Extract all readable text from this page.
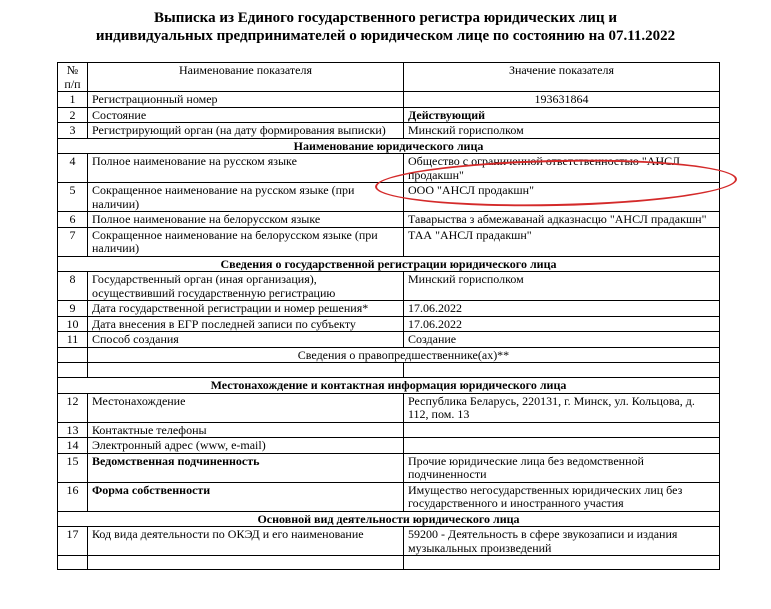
Выписка из Единого государственного регистра юридических лиц и
индивидуальных предпринимателей о юридическом лице по состоянию на 07.11.2022
№ п/п	Наименование показателя	Значение показателя
1	Регистрационный номер	193631864
2	Состояние	Действующий
3	Регистрирующий орган (на дату формирования выписки)	Минский горисполком
Наименование юридического лица		
4	Полное наименование на русском языке	Общество с ограниченной ответственностью "АНСЛ продакшн"
5	Сокращенное наименование на русском языке (при наличии)	ООО "АНСЛ продакшн"
6	Полное наименование на белорусском языке	Таварыства з абмежаванай адказнасцю "АНСЛ прадакшн"
7	Сокращенное наименование на белорусском языке (при наличии)	ТАА "АНСЛ прадакшн"
Сведения о государственной регистрации юридического лица		
8	Государственный орган (иная организация), осуществивший государственную регистрацию	Минский горисполком
9	Дата государственной регистрации и номер решения*	17.06.2022
10	Дата внесения в ЕГР последней записи по субъекту	17.06.2022
11	Способ создания	Создание
	Сведения о правопредшественнике(ах)**	

Местонахождение и контактная информация юридического лица		
12	Местонахождение	Республика Беларусь, 220131, г. Минск, ул. Кольцова, д. 112, пом. 13
13	Контактные телефоны	
14	Электронный адрес (www, e-mail)	
15	Ведомственная подчиненность	Прочие юридические лица без ведомственной подчиненности
16	Форма собственности	Имущество негосударственных юридических лиц без государственного и иностранного участия
Основной вид деятельности юридического лица		
17	Код вида деятельности по ОКЭД и его наименование	59200 - Деятельность в сфере звукозаписи и издания музыкальных произведений
